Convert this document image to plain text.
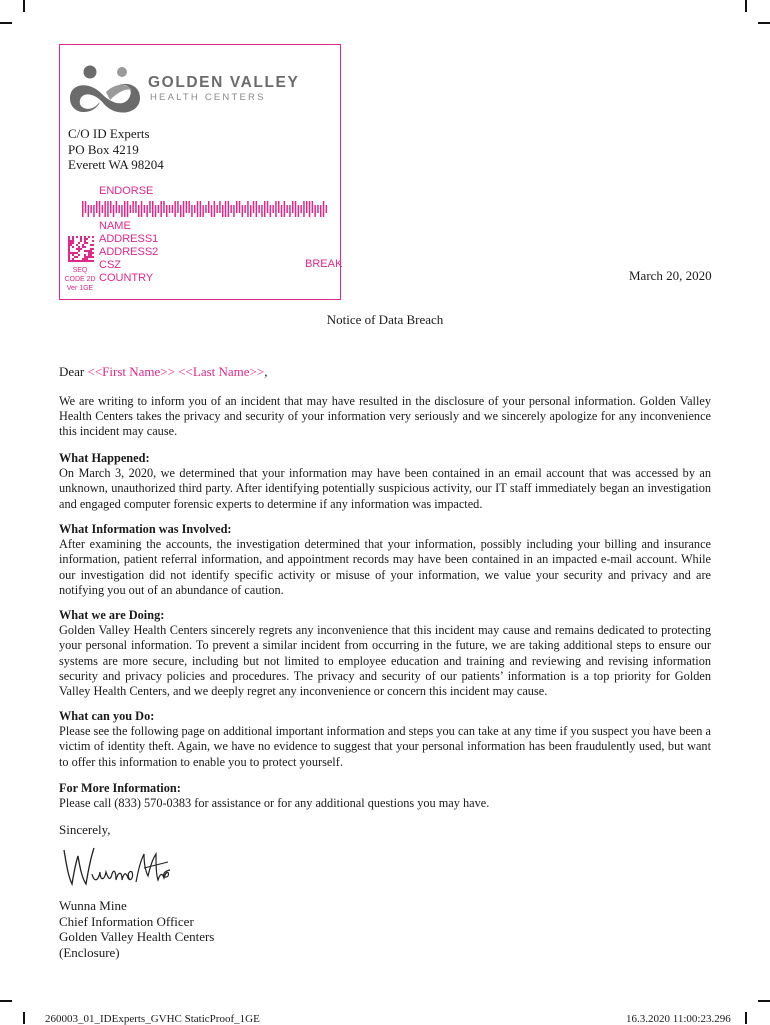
GOLDEN VALLEY
HEALTH CENTERS
C/O ID Experts
PO Box 4219
Everett WA 98204
ENDORSE
NAME
ADDRESS1
ADDRESS2
CSZ
COUNTRY
SEQ
CODE 2D
Ver 1GE
BREAK
March 20, 2020
Notice of Data Breach
Dear <<First Name>> <<Last Name>>,
We are writing to inform you of an incident that may have resulted in the disclosure of your personal information. Golden Valley Health Centers takes the privacy and security of your information very seriously and we sincerely apologize for any inconvenience this incident may cause.
What Happened:
On March 3, 2020, we determined that your information may have been contained in an email account that was accessed by an unknown, unauthorized third party. After identifying potentially suspicious activity, our IT staff immediately began an investigation and engaged computer forensic experts to determine if any information was impacted.
What Information was Involved:
After examining the accounts, the investigation determined that your information, possibly including your billing and insurance information, patient referral information, and appointment records may have been contained in an impacted e-mail account. While our investigation did not identify specific activity or misuse of your information, we value your security and privacy and are notifying you out of an abundance of caution.
What we are Doing:
Golden Valley Health Centers sincerely regrets any inconvenience that this incident may cause and remains dedicated to protecting your personal information. To prevent a similar incident from occurring in the future, we are taking additional steps to ensure our systems are more secure, including but not limited to employee education and training and reviewing and revising information security and privacy policies and procedures. The privacy and security of our patients’ information is a top priority for Golden Valley Health Centers, and we deeply regret any inconvenience or concern this incident may cause.
What can you Do:
Please see the following page on additional important information and steps you can take at any time if you suspect you have been a victim of identity theft. Again, we have no evidence to suggest that your personal information has been fraudulently used, but want to offer this information to enable you to protect yourself.
For More Information:
Please call (833) 570-0383 for assistance or for any additional questions you may have.
Sincerely,
Wunna Mine
Chief Information Officer
Golden Valley Health Centers
(Enclosure)
260003_01_IDExperts_GVHC StaticProof_1GE	16.3.2020 11:00:23.296
